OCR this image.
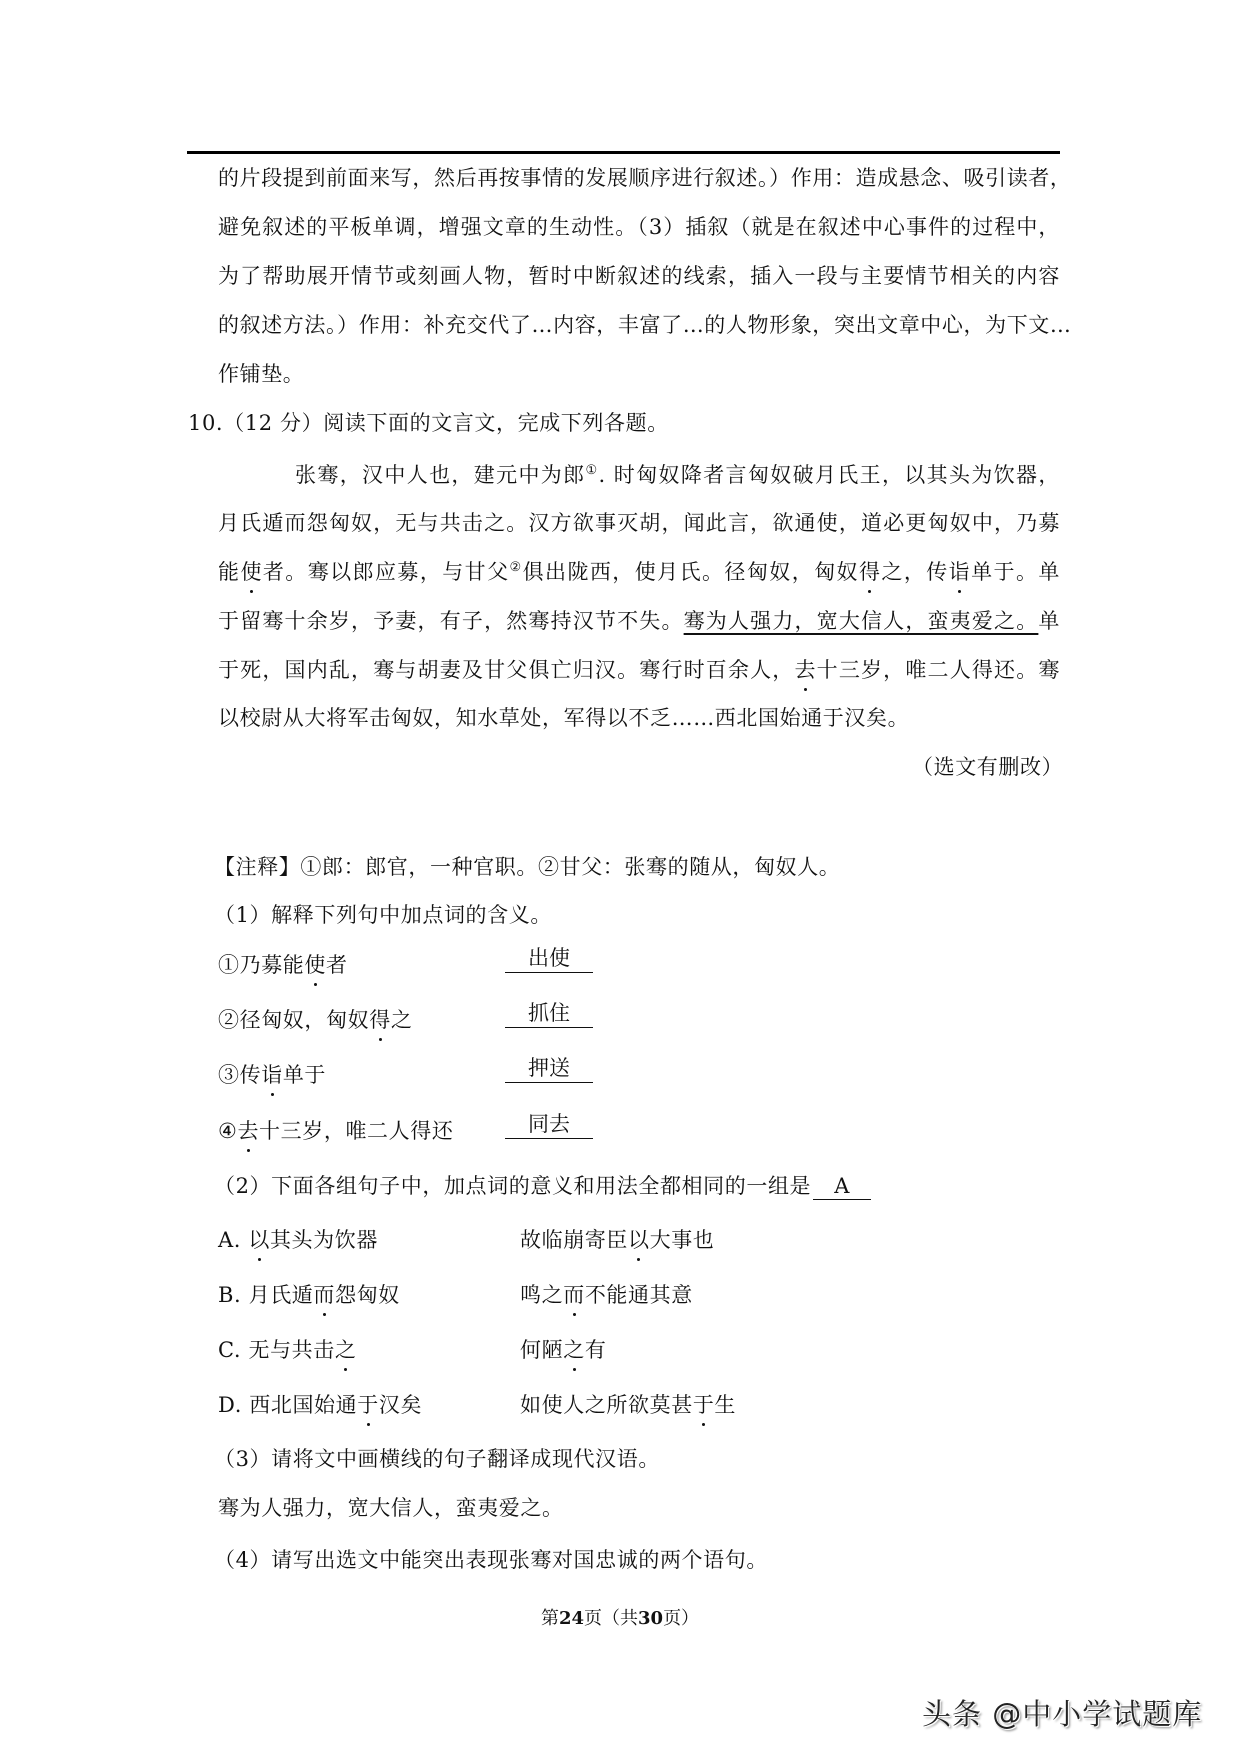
的片段提到前面来写，然后再按事情的发展顺序进行叙述。）作用：造成悬念、吸引读者，
避免叙述的平板单调，增强文章的生动性。（3）插叙（就是在叙述中心事件的过程中，
为了帮助展开情节或刻画人物，暂时中断叙述的线索，插入一段与主要情节相关的内容
的叙述方法。）作用：补充交代了…内容，丰富了…的人物形象，突出文章中心，为下文…
作铺垫。
10.（12 分）阅读下面的文言文，完成下列各题。
张骞，汉中人也，建元中为郎①. 时匈奴降者言匈奴破月氏王，以其头为饮器，
月氏遁而怨匈奴，无与共击之。汉方欲事灭胡，闻此言，欲通使，道必更匈奴中，乃募
能使者。骞以郎应募，与甘父②俱出陇西，使月氏。径匈奴，匈奴得之，传诣单于。单
于留骞十余岁，予妻，有子，然骞持汉节不失。骞为人强力，宽大信人，蛮夷爱之。单
于死，国内乱，骞与胡妻及甘父俱亡归汉。骞行时百余人，去十三岁，唯二人得还。骞
以校尉从大将军击匈奴，知水草处，军得以不乏……西北国始通于汉矣。
（选文有删改）
【注释】①郎：郎官，一种官职。②甘父：张骞的随从，匈奴人。
（1）解释下列句中加点词的含义。
①乃募能使者	出使
②径匈奴，匈奴得之	抓住
③传诣单于	押送
④去十三岁，唯二人得还	同去
（2）下面各组句子中，加点词的意义和用法全都相同的一组是 A
A. 以其头为饮器	故临崩寄臣以大事也
B. 月氏遁而怨匈奴	鸣之而不能通其意
C. 无与共击之	何陋之有
D. 西北国始通于汉矣	如使人之所欲莫甚于生
（3）请将文中画横线的句子翻译成现代汉语。
骞为人强力，宽大信人，蛮夷爱之。
（4）请写出选文中能突出表现张骞对国忠诚的两个语句。
第24页（共30页）
头条 @中小学试题库
